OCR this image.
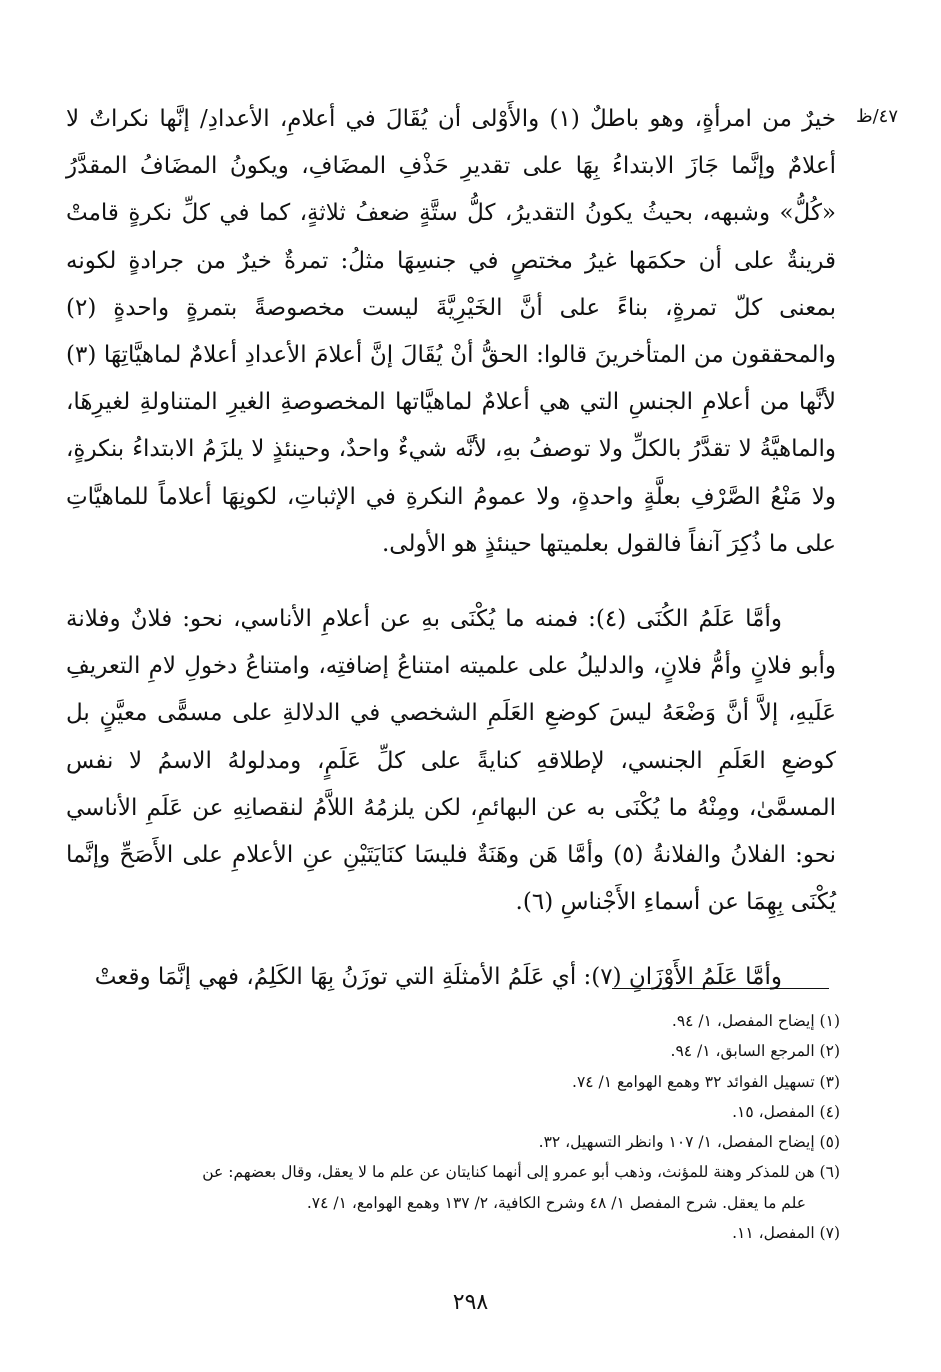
٤٧/ظ

خيرٌ من امرأةٍ، وهو باطلٌ (١) والأَوْلى أن يُقَالَ في أعلامِ، الأعدادِ/ إنَّها نكراتٌ لا أعلامٌ وإنَّما جَازَ الابتداءُ بِهَا على تقديرِ حَذْفِ المضَافِ، ويكونُ المضَافُ المقدَّرُ «كُلُّ» وشبهه، بحيثُ يكونُ التقديرُ، كلُّ ستَّةٍ ضعفُ ثلاثةٍ، كما في كلِّ نكرةٍ قامتْ قرينةٌ على أن حكمَها غيرُ مختصٍ في جنسِهَا مثلُ: تمرةٌ خيرٌ من جرادةٍ لكونه بمعنى كلّ تمرةٍ، بناءً على أنَّ الخَيْرِيَّةَ ليست مخصوصةً بتمرةٍ واحدةٍ (٢) والمحققون من المتأخرينَ قالوا: الحقُّ أنْ يُقَالَ إنَّ أعلامَ الأعدادِ أعلامٌ لماهيَّاتِهَا (٣) لأنَّها من أعلامِ الجنسِ التي هي أعلامٌ لماهيَّاتها المخصوصةِ الغيرِ المتناولةِ لغيرِهَا، والماهيَّةُ لا تقدَّرُ بالكلِّ ولا توصفُ بهِ، لأنَّه شيءٌ واحدٌ، وحينئذٍ لا يلزَمُ الابتداءُ بنكرةٍ، ولا مَنْعُ الصَّرْفِ بعلَّةٍ واحدةٍ، ولا عمومُ النكرةِ في الإثباتِ، لكونِهَا أعلاماً للماهيَّاتِ على ما ذُكِرَ آنفاً فالقول بعلميتها حينئذٍ هو الأولى.

وأمَّا عَلَمُ الكُنَى (٤): فمنه ما يُكْنَى بهِ عن أعلامِ الأناسي، نحو: فلانٌ وفلانة وأبو فلانٍ وأمُّ فلانٍ، والدليلُ على علميته امتناعُ إضافتِه، وامتناعُ دخولِ لامِ التعريفِ عَلَيهِ، إلاَّ أنَّ وَضْعَهُ ليسَ كوضعِ العَلَمِ الشخصي في الدلالةِ على مسمًّى معيَّنٍ بل كوضعِ العَلَمِ الجنسي، لإطلاقهِ كنايةً على كلِّ عَلَمٍ، ومدلولهُ الاسمُ لا نفس المسمَّىٰ، ومِنْهُ ما يُكْنَى به عن البهائمِ، لكن يلزمُهُ اللاَّمُ لنقصانِهِ عن عَلَمِ الأناسي نحو: الفلانُ والفلانةُ (٥) وأمَّا هَن وهَنَةٌ فليسَا كنَايَتَيْنِ عنِ الأعلامِ على الأَصَحِّ وإنَّما يُكْنَى بِهِمَا عن أسماءِ الأَجْناسِ (٦).

وأمَّا عَلَمُ الأَوْزَانِ (٧): أي عَلَمُ الأمثلَةِ التي توزَنُ بِهَا الكَلِمُ، فهي إنَّمَا وقعتْ

(١) إيضاح المفصل، ١/ ٩٤.

(٢) المرجع السابق، ١/ ٩٤.

(٣) تسهيل الفوائد ٣٢ وهمع الهوامع ١/ ٧٤.

(٤) المفصل، ١٥.

(٥) إيضاح المفصل، ١/ ١٠٧ وانظر التسهيل، ٣٢.

(٦) هن للمذكر وهنة للمؤنث، وذهب أبو عمرو إلى أنهما كنايتان عن علم ما لا يعقل، وقال بعضهم: عن

علم ما يعقل. شرح المفصل ١/ ٤٨ وشرح الكافية، ٢/ ١٣٧ وهمع الهوامع، ١/ ٧٤.

(٧) المفصل، ١١.

٢٩٨
